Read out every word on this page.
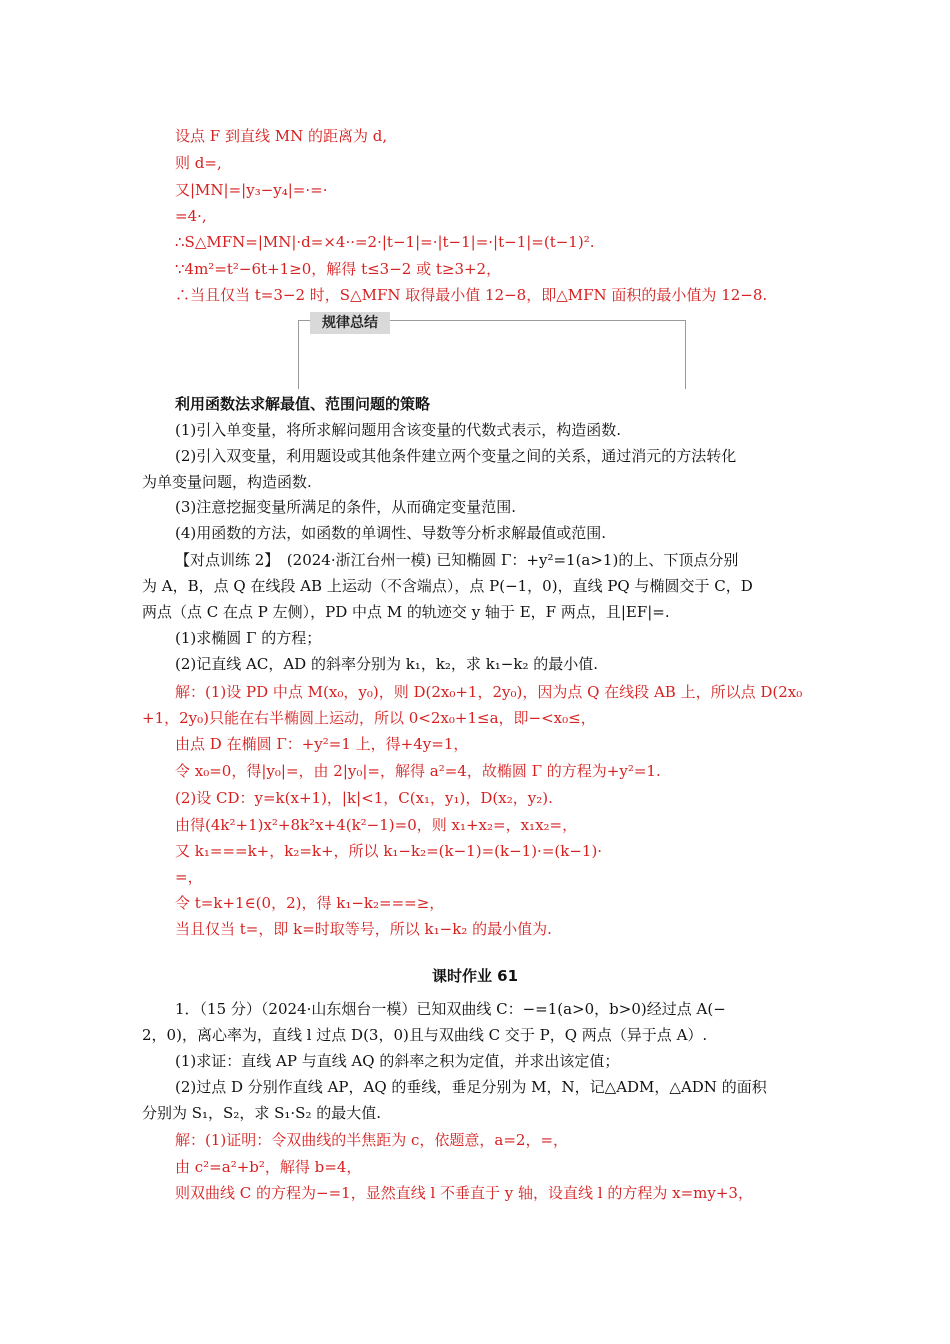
设点 F 到直线 MN 的距离为 d,
则 d=,
又|MN|=|y₃−y₄|=·=·
=4·,
∴S△MFN=|MN|·d=×4··=2·|t−1|=·|t−1|=·|t−1|=(t−1)².
∵4m²=t²−6t+1≥0，解得 t≤3−2 或 t≥3+2，
∴当且仅当 t=3−2 时，S△MFN 取得最小值 12−8，即△MFN 面积的最小值为 12−8.
规律总结
利用函数法求解最值、范围问题的策略
(1)引入单变量，将所求解问题用含该变量的代数式表示，构造函数.
(2)引入双变量，利用题设或其他条件建立两个变量之间的关系，通过消元的方法转化
为单变量问题，构造函数.
(3)注意挖掘变量所满足的条件，从而确定变量范围.
(4)用函数的方法，如函数的单调性、导数等分析求解最值或范围.
【对点训练 2】　(2024·浙江台州一模) 已知椭圆 Γ：+y²=1(a>1)的上、下顶点分别
为 A，B，点 Q 在线段 AB 上运动（不含端点），点 P(−1，0)，直线 PQ 与椭圆交于 C，D
两点（点 C 在点 P 左侧），PD 中点 M 的轨迹交 y 轴于 E，F 两点，且|EF|=.
(1)求椭圆 Γ 的方程；
(2)记直线 AC，AD 的斜率分别为 k₁，k₂，求 k₁−k₂ 的最小值.
解：(1)设 PD 中点 M(x₀，y₀)，则 D(2x₀+1，2y₀)，因为点 Q 在线段 AB 上，所以点 D(2x₀
+1，2y₀)只能在右半椭圆上运动，所以 0<2x₀+1≤a，即−<x₀≤，
由点 D 在椭圆 Γ：+y²=1 上，得+4y=1，
令 x₀=0，得|y₀|=，由 2|y₀|=，解得 a²=4，故椭圆 Γ 的方程为+y²=1.
(2)设 CD：y=k(x+1)，|k|<1，C(x₁，y₁)，D(x₂，y₂).
由得(4k²+1)x²+8k²x+4(k²−1)=0，则 x₁+x₂=，x₁x₂=，
又 k₁===k+，k₂=k+，所以 k₁−k₂=(k−1)=(k−1)·=(k−1)·
=，
令 t=k+1∈(0，2)，得 k₁−k₂===≥，
当且仅当 t=，即 k=时取等号，所以 k₁−k₂ 的最小值为.
课时作业 61
1．（15 分）（2024·山东烟台一模）已知双曲线 C：−=1(a>0，b>0)经过点 A(−
2，0)，离心率为，直线 l 过点 D(3，0)且与双曲线 C 交于 P，Q 两点（异于点 A）.
(1)求证：直线 AP 与直线 AQ 的斜率之积为定值，并求出该定值；
(2)过点 D 分别作直线 AP，AQ 的垂线，垂足分别为 M，N，记△ADM，△ADN 的面积
分别为 S₁，S₂，求 S₁·S₂ 的最大值.
解：(1)证明：令双曲线的半焦距为 c，依题意，a=2，=，
由 c²=a²+b²，解得 b=4，
则双曲线 C 的方程为−=1，显然直线 l 不垂直于 y 轴，设直线 l 的方程为 x=my+3，
